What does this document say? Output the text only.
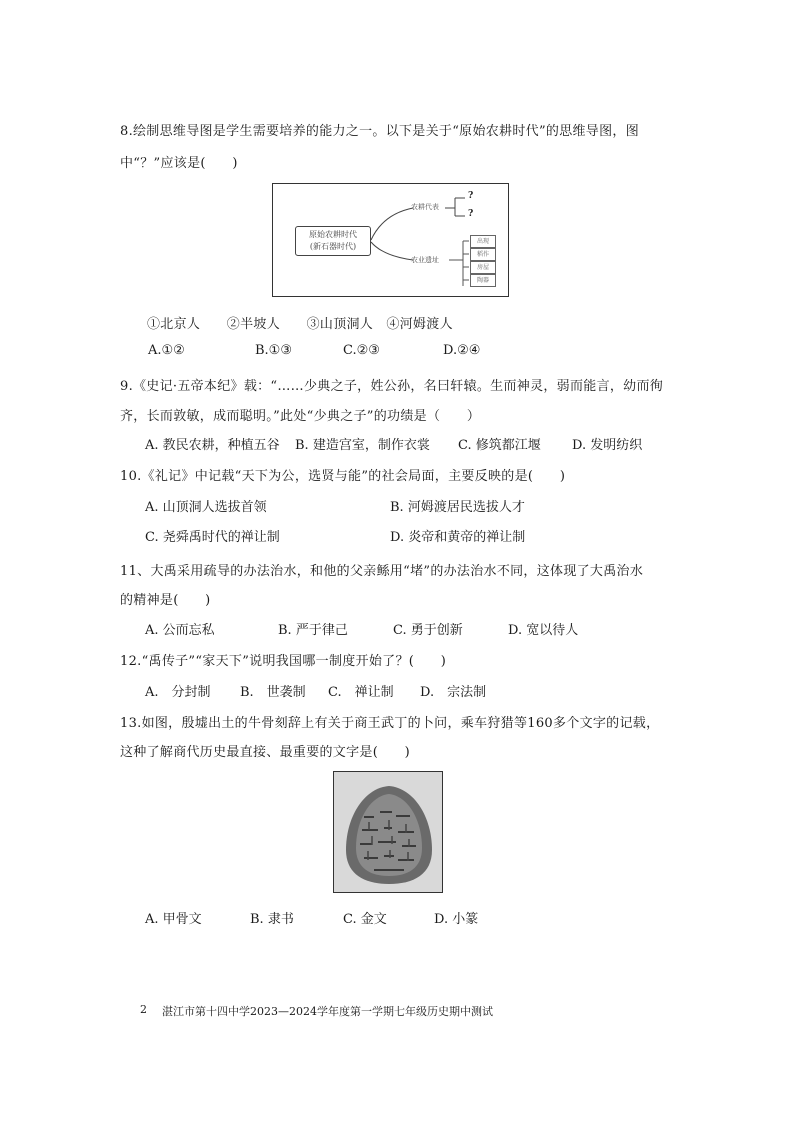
8.绘制思维导图是学生需要培养的能力之一。以下是关于“原始农耕时代”的思维导图，图
中“？”应该是(　　)
原始农耕时代
(新石器时代)
农耕代表
农业遗址
?
?
出现
稻作
房屋
陶器
①北京人　　②半坡人　　③山顶洞人　④河姆渡人
A.①②	B.①③	C.②③	D.②④
9.《史记·五帝本纪》载：“……少典之子，姓公孙，名曰轩辕。生而神灵，弱而能言，幼而徇
齐，长而敦敏，成而聪明。”此处“少典之子”的功绩是（　　）
A. 教民农耕，种植五谷 B. 建造宫室，制作衣裳 C. 修筑都江堰 D. 发明纺织
10.《礼记》中记载“天下为公，选贤与能”的社会局面，主要反映的是(　　)
A. 山顶洞人选拔首领	B. 河姆渡居民选拔人才
C. 尧舜禹时代的禅让制	D. 炎帝和黄帝的禅让制
11、大禹采用疏导的办法治水，和他的父亲鲧用“堵”的办法治水不同，这体现了大禹治水
的精神是(　　)
A. 公而忘私	B. 严于律己	C. 勇于创新	D. 宽以待人
12.“禹传子”“家天下”说明我国哪一制度开始了？(　　)
A.　分封制 B.　世袭制 C.　禅让制 D.　宗法制
13.如图，殷墟出土的牛骨刻辞上有关于商王武丁的卜问，乘车狩猎等160多个文字的记载，
这种了解商代历史最直接、最重要的文字是(　　)
A. 甲骨文	B. 隶书	C. 金文	D. 小篆
2 湛江市第十四中学2023—2024学年度第一学期七年级历史期中测试
